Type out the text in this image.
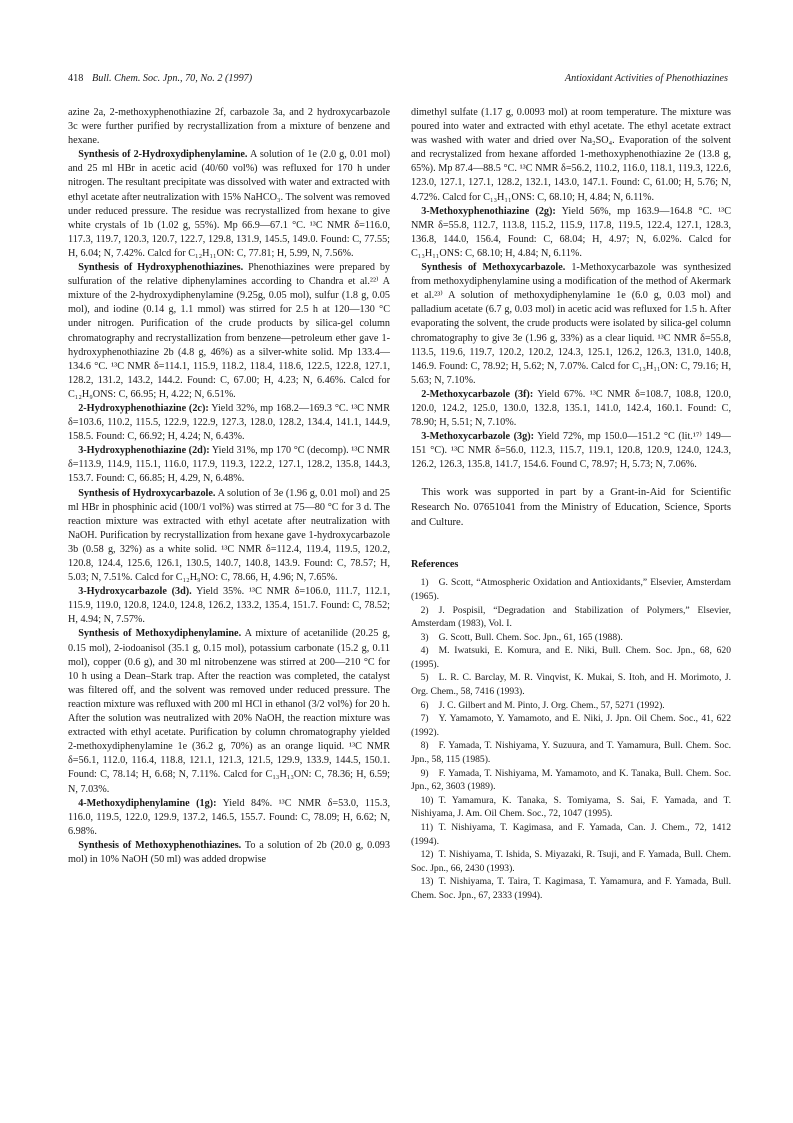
418 Bull. Chem. Soc. Jpn., 70, No. 2 (1997)	Antioxidant Activities of Phenothiazines

azine 2a, 2-methoxyphenothiazine 2f, carbazole 3a, and 2 hydroxycarbazole 3c were further purified by recrystallization from a mixture of benzene and hexane.

Synthesis of 2-Hydroxydiphenylamine. A solution of 1e (2.0 g, 0.01 mol) and 25 ml HBr in acetic acid (40/60 vol%) was refluxed for 170 h under nitrogen. The resultant precipitate was dissolved with water and extracted with ethyl acetate after neutralization with 15% NaHCO₃. The solvent was removed under reduced pressure. The residue was recrystallized from hexane to give white crystals of 1b (1.02 g, 55%). Mp 66.9—67.1 °C. ¹³C NMR δ=116.0, 117.3, 119.7, 120.3, 120.7, 122.7, 129.8, 131.9, 145.5, 149.0. Found: C, 77.55; H, 6.04; N, 7.42%. Calcd for C₁₂H₁₁ON: C, 77.81; H, 5.99, N, 7.56%.

Synthesis of Hydroxyphenothiazines. Phenothiazines were prepared by sulfuration of the relative diphenylamines according to Chandra et al.²²⁾ A mixture of the 2-hydroxydiphenylamine (9.25g, 0.05 mol), sulfur (1.8 g, 0.05 mol), and iodine (0.14 g, 1.1 mmol) was stirred for 2.5 h at 120—130 °C under nitrogen. Purification of the crude products by silica-gel column chromatography and recrystallization from benzene—petroleum ether gave 1-hydroxyphenothiazine 2b (4.8 g, 46%) as a silver-white solid. Mp 133.4—134.6 °C. ¹³C NMR δ=114.1, 115.9, 118.2, 118.4, 118.6, 122.5, 122.8, 127.1, 128.2, 131.2, 143.2, 144.2. Found: C, 67.00; H, 4.23; N, 6.46%. Calcd for C₁₂H₉ONS: C, 66.95; H, 4.22; N, 6.51%.

2-Hydroxyphenothiazine (2c): Yield 32%, mp 168.2—169.3 °C. ¹³C NMR δ=103.6, 110.2, 115.5, 122.9, 122.9, 127.3, 128.0, 128.2, 134.4, 141.1, 144.9, 158.5. Found: C, 66.92; H, 4.24; N, 6.43%.

3-Hydroxyphenothiazine (2d): Yield 31%, mp 170 °C (decomp). ¹³C NMR δ=113.9, 114.9, 115.1, 116.0, 117.9, 119.3, 122.2, 127.1, 128.2, 135.8, 144.3, 153.7. Found: C, 66.85; H, 4.29, N, 6.48%.

Synthesis of Hydroxycarbazole. A solution of 3e (1.96 g, 0.01 mol) and 25 ml HBr in phosphinic acid (100/1 vol%) was stirred at 75—80 °C for 3 d. The reaction mixture was extracted with ethyl acetate after neutralization with NaOH. Purification by recrystallization from hexane gave 1-hydroxycarbazole 3b (0.58 g, 32%) as a white solid. ¹³C NMR δ=112.4, 119.4, 119.5, 120.2, 120.8, 124.4, 125.6, 126.1, 130.5, 140.7, 140.8, 143.9. Found: C, 78.57; H, 5.03; N, 7.51%. Calcd for C₁₂H₉NO: C, 78.66, H, 4.96; N, 7.65%.

3-Hydroxycarbazole (3d). Yield 35%. ¹³C NMR δ=106.0, 111.7, 112.1, 115.9, 119.0, 120.8, 124.0, 124.8, 126.2, 133.2, 135.4, 151.7. Found: C, 78.52; H, 4.94; N, 7.57%.

Synthesis of Methoxydiphenylamine. A mixture of acetanilide (20.25 g, 0.15 mol), 2-iodoanisol (35.1 g, 0.15 mol), potassium carbonate (15.2 g, 0.11 mol), copper (0.6 g), and 30 ml nitrobenzene was stirred at 200—210 °C for 10 h using a Dean–Stark trap. After the reaction was completed, the catalyst was filtered off, and the solvent was removed under reduced pressure. The reaction mixture was refluxed with 200 ml HCl in ethanol (3/2 vol%) for 20 h. After the solution was neutralized with 20% NaOH, the reaction mixture was extracted with ethyl acetate. Purification by column chromatography yielded 2-methoxydiphenylamine 1e (36.2 g, 70%) as an orange liquid. ¹³C NMR δ=56.1, 112.0, 116.4, 118.8, 121.1, 121.3, 121.5, 129.9, 133.9, 144.5, 150.1. Found: C, 78.14; H, 6.68; N, 7.11%. Calcd for C₁₃H₁₃ON: C, 78.36; H, 6.59; N, 7.03%.

4-Methoxydiphenylamine (1g): Yield 84%. ¹³C NMR δ=53.0, 115.3, 116.0, 119.5, 122.0, 129.9, 137.2, 146.5, 155.7. Found: C, 78.09; H, 6.62; N, 6.98%.

Synthesis of Methoxyphenothiazines. To a solution of 2b (20.0 g, 0.093 mol) in 10% NaOH (50 ml) was added dropwise

dimethyl sulfate (1.17 g, 0.0093 mol) at room temperature. The mixture was poured into water and extracted with ethyl acetate. The ethyl acetate extract was washed with water and dried over Na₂SO₄. Evaporation of the solvent and recrystalized from hexane afforded 1-methoxyphenothiazine 2e (13.8 g, 65%). Mp 87.4—88.5 °C. ¹³C NMR δ=56.2, 110.2, 116.0, 118.1, 119.3, 122.6, 123.0, 127.1, 127.1, 128.2, 132.1, 143.0, 147.1. Found: C, 61.00; H, 5.76; N, 4.72%. Calcd for C₁₃H₁₁ONS: C, 68.10; H, 4.84; N, 6.11%.

3-Methoxyphenothiazine (2g): Yield 56%, mp 163.9—164.8 °C. ¹³C NMR δ=55.8, 112.7, 113.8, 115.2, 115.9, 117.8, 119.5, 122.4, 127.1, 128.3, 136.8, 144.0, 156.4, Found: C, 68.04; H, 4.97; N, 6.02%. Calcd for C₁₃H₁₁ONS: C, 68.10; H, 4.84; N, 6.11%.

Synthesis of Methoxycarbazole. 1-Methoxycarbazole was synthesized from methoxydiphenylamine using a modification of the method of Akermark et al.²³⁾ A solution of methoxydiphenylamine 1e (6.0 g, 0.03 mol) and palladium acetate (6.7 g, 0.03 mol) in acetic acid was refluxed for 1.5 h. After evaporating the solvent, the crude products were isolated by silica-gel column chromatography to give 3e (1.96 g, 33%) as a clear liquid. ¹³C NMR δ=55.8, 113.5, 119.6, 119.7, 120.2, 120.2, 124.3, 125.1, 126.2, 126.3, 131.0, 140.8, 146.9. Found: C, 78.92; H, 5.62; N, 7.07%. Calcd for C₁₃H₁₁ON: C, 79.16; H, 5.63; N, 7.10%.

2-Methoxycarbazole (3f): Yield 67%. ¹³C NMR δ=108.7, 108.8, 120.0, 120.0, 124.2, 125.0, 130.0, 132.8, 135.1, 141.0, 142.4, 160.1. Found: C, 78.90; H, 5.51; N, 7.10%.

3-Methoxycarbazole (3g): Yield 72%, mp 150.0—151.2 °C (lit.¹⁷⁾ 149—151 °C). ¹³C NMR δ=56.0, 112.3, 115.7, 119.1, 120.8, 120.9, 124.0, 124.3, 126.2, 126.3, 135.8, 141.7, 154.6. Found C, 78.97; H, 5.73; N, 7.06%.

This work was supported in part by a Grant-in-Aid for Scientific Research No. 07651041 from the Ministry of Education, Science, Sports and Culture.

References
1) G. Scott, “Atmospheric Oxidation and Antioxidants,” Elsevier, Amsterdam (1965).
2) J. Pospisil, “Degradation and Stabilization of Polymers,” Elsevier, Amsterdam (1983), Vol. I.
3) G. Scott, Bull. Chem. Soc. Jpn., 61, 165 (1988).
4) M. Iwatsuki, E. Komura, and E. Niki, Bull. Chem. Soc. Jpn., 68, 620 (1995).
5) L. R. C. Barclay, M. R. Vinqvist, K. Mukai, S. Itoh, and H. Morimoto, J. Org. Chem., 58, 7416 (1993).
6) J. C. Gilbert and M. Pinto, J. Org. Chem., 57, 5271 (1992).
7) Y. Yamamoto, Y. Yamamoto, and E. Niki, J. Jpn. Oil Chem. Soc., 41, 622 (1992).
8) F. Yamada, T. Nishiyama, Y. Suzuura, and T. Yamamura, Bull. Chem. Soc. Jpn., 58, 115 (1985).
9) F. Yamada, T. Nishiyama, M. Yamamoto, and K. Tanaka, Bull. Chem. Soc. Jpn., 62, 3603 (1989).
10) T. Yamamura, K. Tanaka, S. Tomiyama, S. Sai, F. Yamada, and T. Nishiyama, J. Am. Oil Chem. Soc., 72, 1047 (1995).
11) T. Nishiyama, T. Kagimasa, and F. Yamada, Can. J. Chem., 72, 1412 (1994).
12) T. Nishiyama, T. Ishida, S. Miyazaki, R. Tsuji, and F. Yamada, Bull. Chem. Soc. Jpn., 66, 2430 (1993).
13) T. Nishiyama, T. Taira, T. Kagimasa, T. Yamamura, and F. Yamada, Bull. Chem. Soc. Jpn., 67, 2333 (1994).
